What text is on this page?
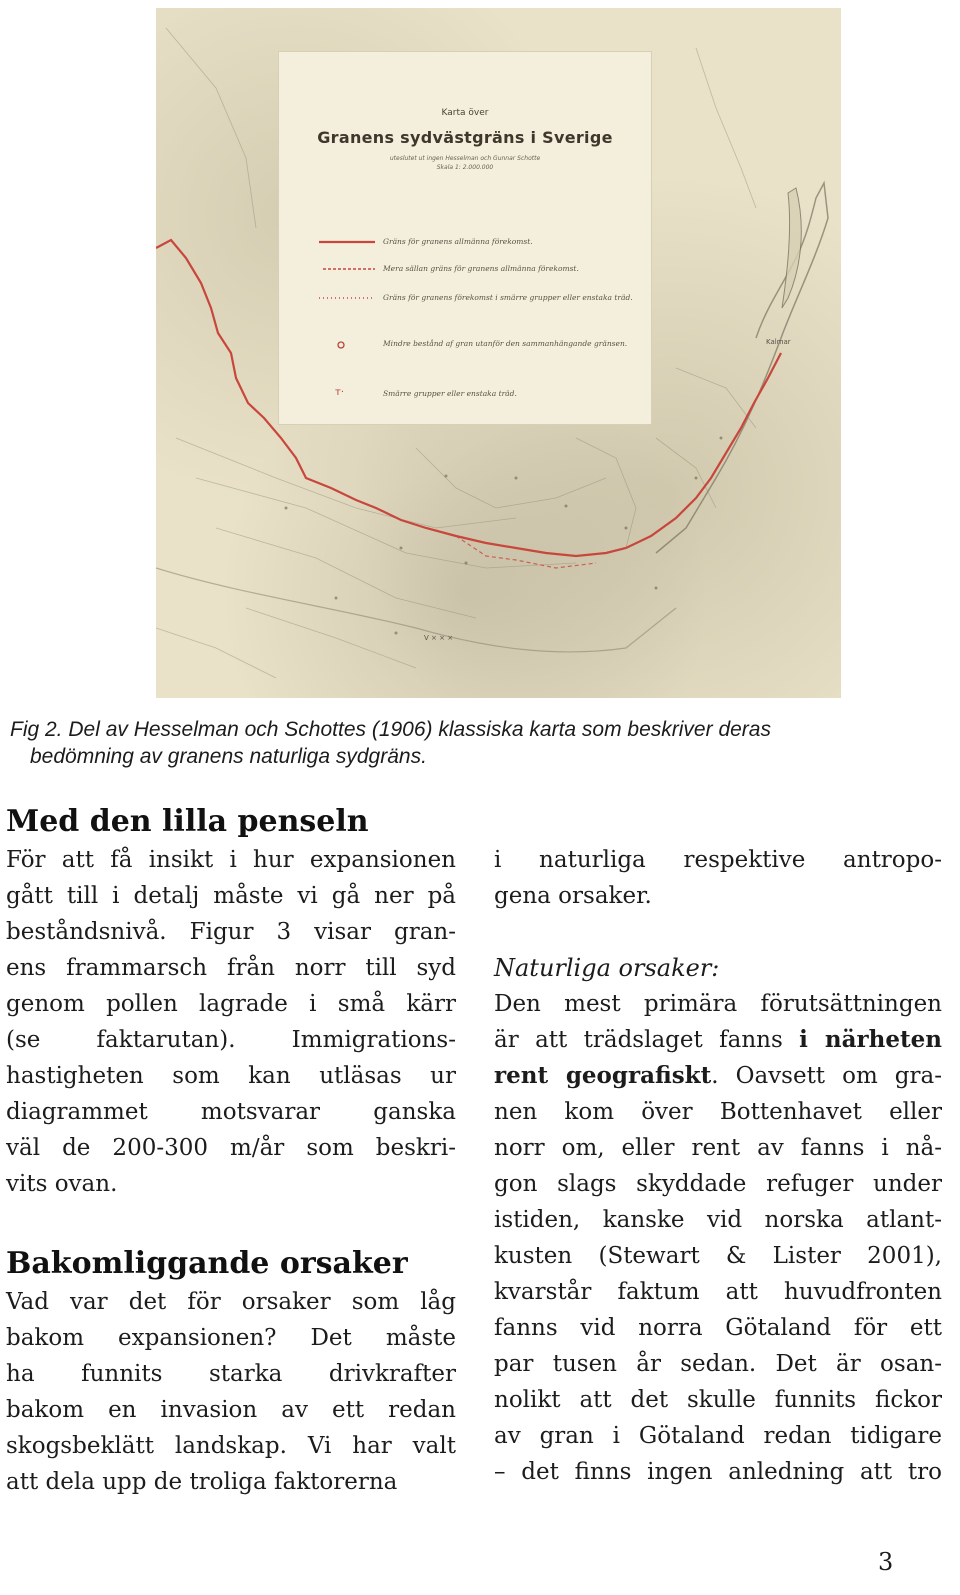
Kalmar
V × × ×
Karta över
Granens sydvästgräns i Sverige
uteslutet ut ingen Hesselman och Gunnar Schotte
Skala 1: 2.000.000
ᴛ·
Gräns för granens allmänna förekomst.
Mera sällan gräns för granens allmänna förekomst.
Gräns för granens förekomst i smärre grupper eller enstaka träd.
Mindre bestånd af gran utanför den sammanhängande gränsen.
Smärre grupper eller enstaka träd.
Fig 2. Del av Hesselman och Schottes (1906) klassiska karta som beskriver deras
bedömning av granens naturliga sydgräns.
Med den lilla penseln
För att få insikt i hur expansionen
gått till i detalj måste vi gå ner på
beståndsnivå. Figur 3 visar gran-
ens frammarsch från norr till syd
genom pollen lagrade i små kärr
(se faktarutan). Immigrations-
hastigheten som kan utläsas ur
diagrammet motsvarar ganska
väl de 200-300 m/år som beskri-
vits ovan.
Bakomliggande orsaker
Vad var det för orsaker som låg
bakom expansionen? Det måste
ha funnits starka drivkrafter
bakom en invasion av ett redan
skogsbeklätt landskap. Vi har valt
att dela upp de troliga faktorerna
i naturliga respektive antropo-
gena orsaker.
Naturliga orsaker:
Den mest primära förutsättningen
är att trädslaget fanns i närheten
rent geografiskt. Oavsett om gra-
nen kom över Bottenhavet eller
norr om, eller rent av fanns i nå-
gon slags skyddade refuger under
istiden, kanske vid norska atlant-
kusten (Stewart & Lister 2001),
kvarstår faktum att huvudfronten
fanns vid norra Götaland för ett
par tusen år sedan. Det är osan-
nolikt att det skulle funnits fickor
av gran i Götaland redan tidigare
– det finns ingen anledning att tro
3
